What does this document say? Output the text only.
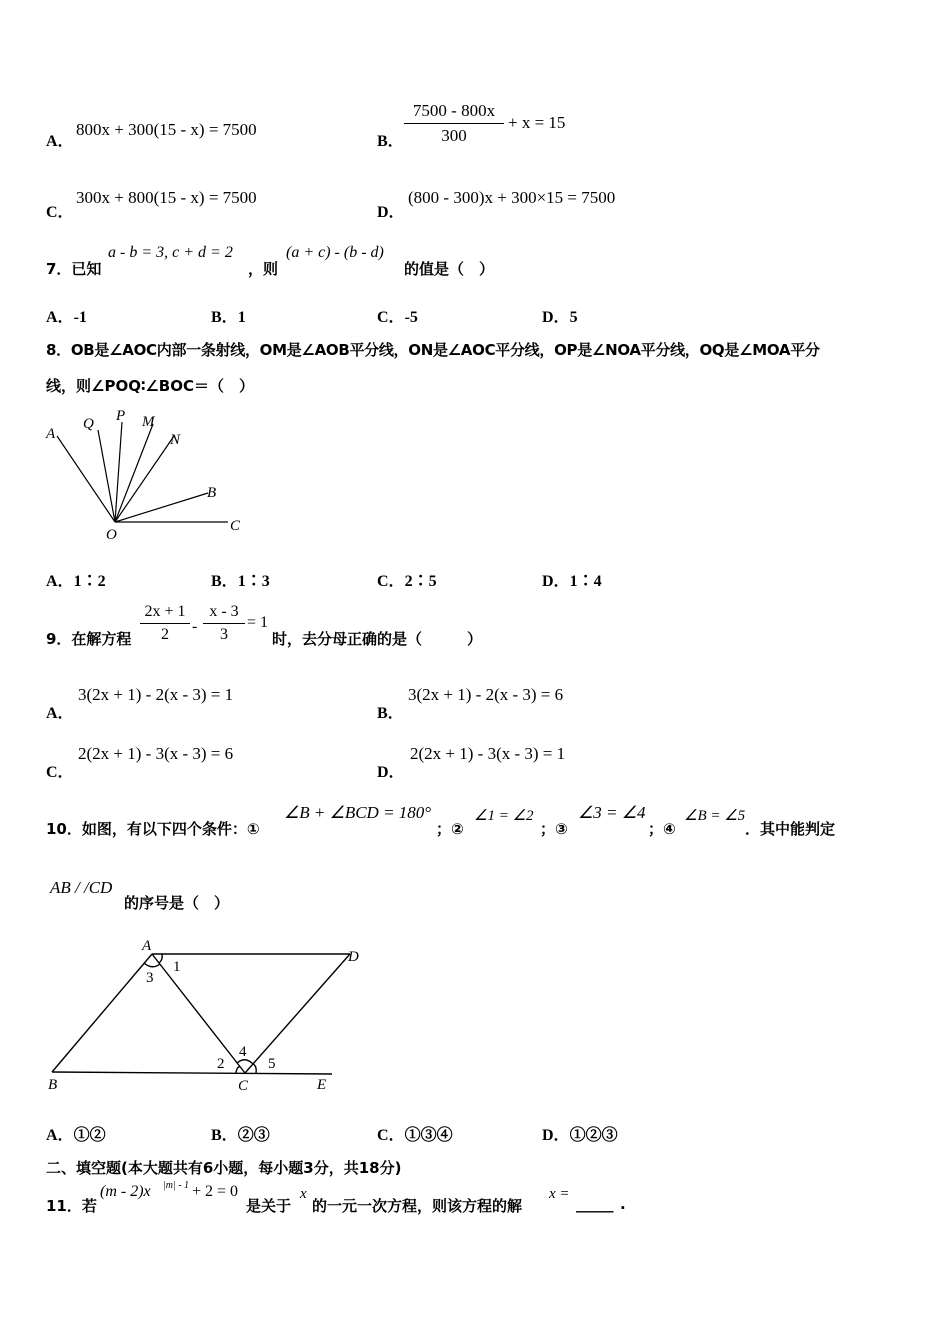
A．
800x + 300(15 - x) = 7500
B．
7500 - 800x
300
+ x = 15
C．
300x + 800(15 - x) = 7500
D．
(800 - 300)x + 300×15 = 7500
7．已知
a - b = 3, c + d = 2
，则
(a + c) - (b - d)
的值是（　）
A．-1	B．1	C．-5	D．5
8．OB是∠AOC内部一条射线，OM是∠AOB平分线，ON是∠AOC平分线，OP是∠NOA平分线，OQ是∠MOA平分
线，则∠POQ∶∠BOC＝（　）
A
Q P M
N
B
O
C
A．1∶2	B．1∶3	C．2∶5	D．1∶4
9．在解方程
2x + 1
2	-
x - 3
3
= 1
时，去分母正确的是（　　　）
A．
3(2x + 1) - 2(x - 3) = 1
B．
3(2x + 1) - 2(x - 3) = 6
C．
2(2x + 1) - 3(x - 3) = 6
D．
2(2x + 1) - 3(x - 3) = 1
10．如图，有以下四个条件：①
∠B + ∠BCD = 180°
；②
∠1 = ∠2
；③
∠3 = ∠4
；④
∠B = ∠5
．其中能判定
AB / /CD
的序号是（　）
A
D
B	C	E
1
3
4
2	5
A．①②	B．②③	C．①③④	D．①②③
二、填空题(本大题共有6小题，每小题3分，共18分)
11．若
(m - 2)x |m| - 1 + 2 = 0
是关于
x
的一元一次方程，则该方程的解
x =
_____ .
